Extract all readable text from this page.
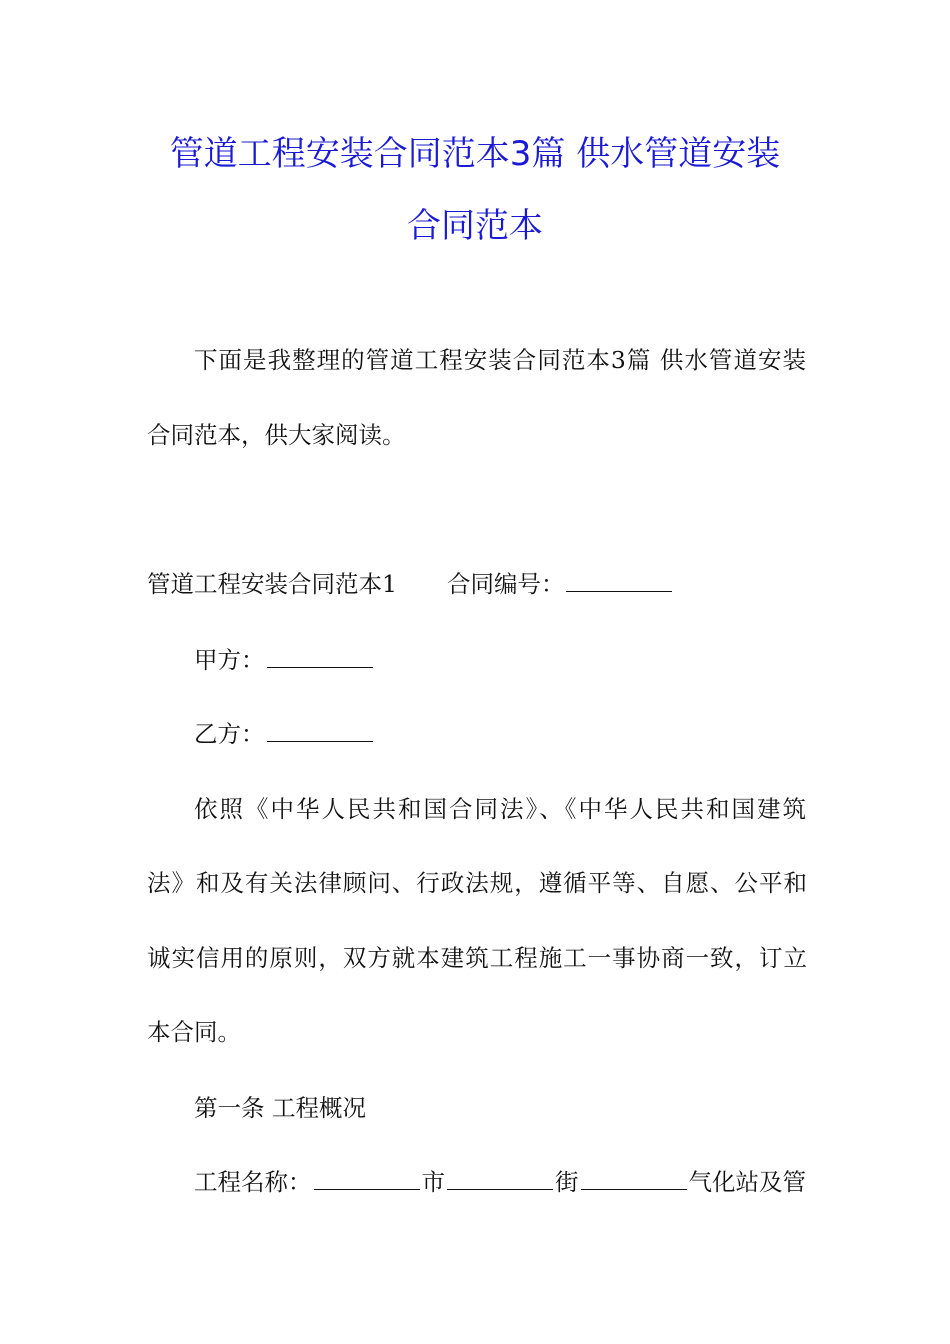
管道工程安装合同范本3篇 供水管道安装
合同范本

下面是我整理的管道工程安装合同范本3篇 供水管道安装

合同范本，供大家阅读。

管道工程安装合同范本1 合同编号：

甲方：

乙方：

依照《中华人民共和国合同法》、《中华人民共和国建筑

法》和及有关法律顾问、行政法规，遵循平等、自愿、公平和

诚实信用的原则，双方就本建筑工程施工一事协商一致，订立

本合同。

第一条 工程概况

工程名称：	市	街	气化站及管
